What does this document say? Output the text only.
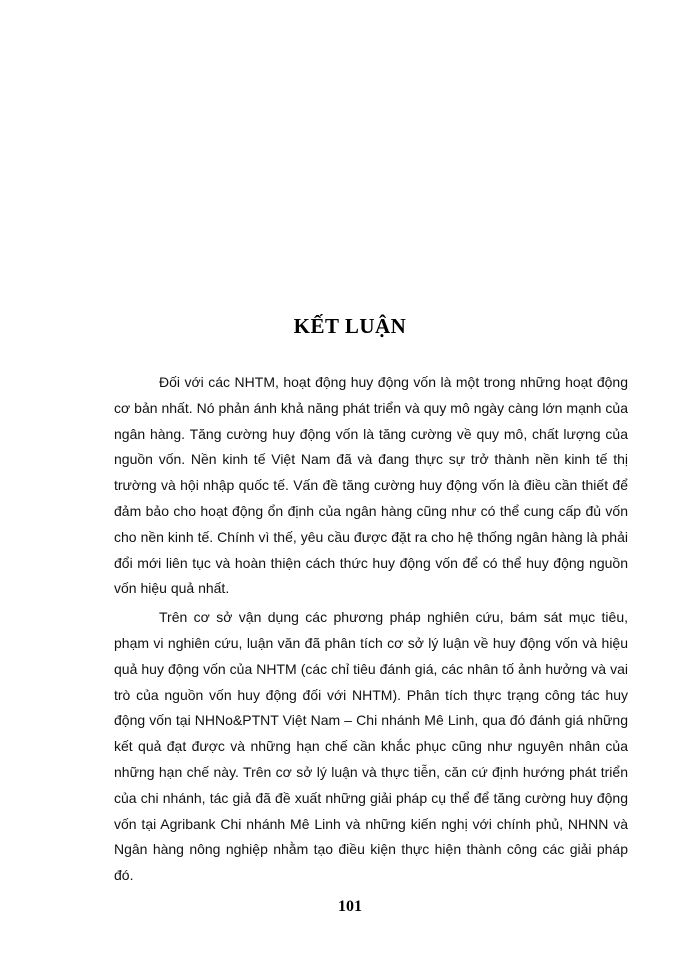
KẾT LUẬN

Đối với các NHTM, hoạt động huy động vốn là một trong những hoạt động cơ bản nhất. Nó phản ánh khả năng phát triển và quy mô ngày càng lớn mạnh của ngân hàng. Tăng cường huy động vốn là tăng cường về quy mô, chất lượng của nguồn vốn. Nền kinh tế Việt Nam đã và đang thực sự trở thành nền kinh tế thị trường và hội nhập quốc tế. Vấn đề tăng cường huy động vốn là điều cần thiết để đảm bảo cho hoạt động ổn định của ngân hàng cũng như có thể cung cấp đủ vốn cho nền kinh tế. Chính vì thế, yêu cầu được đặt ra cho hệ thống ngân hàng là phải đổi mới liên tục và hoàn thiện cách thức huy động vốn để có thể huy động nguồn vốn hiệu quả nhất.

Trên cơ sở vận dụng các phương pháp nghiên cứu, bám sát mục tiêu, phạm vi nghiên cứu, luận văn đã phân tích cơ sở lý luận về huy động vốn và hiệu quả huy động vốn của NHTM (các chỉ tiêu đánh giá, các nhân tố ảnh hưởng và vai trò của nguồn vốn huy động đối với NHTM). Phân tích thực trạng công tác huy động vốn tại NHNo&PTNT Việt Nam – Chi nhánh Mê Linh, qua đó đánh giá những kết quả đạt được và những hạn chế cần khắc phục cũng như nguyên nhân của những hạn chế này. Trên cơ sở lý luận và thực tiễn, căn cứ định hướng phát triển của chi nhánh, tác giả đã đề xuất những giải pháp cụ thể để tăng cường huy động vốn tại Agribank Chi nhánh Mê Linh và những kiến nghị với chính phủ, NHNN và Ngân hàng nông nghiệp nhằm tạo điều kiện thực hiện thành công các giải pháp đó.

101
